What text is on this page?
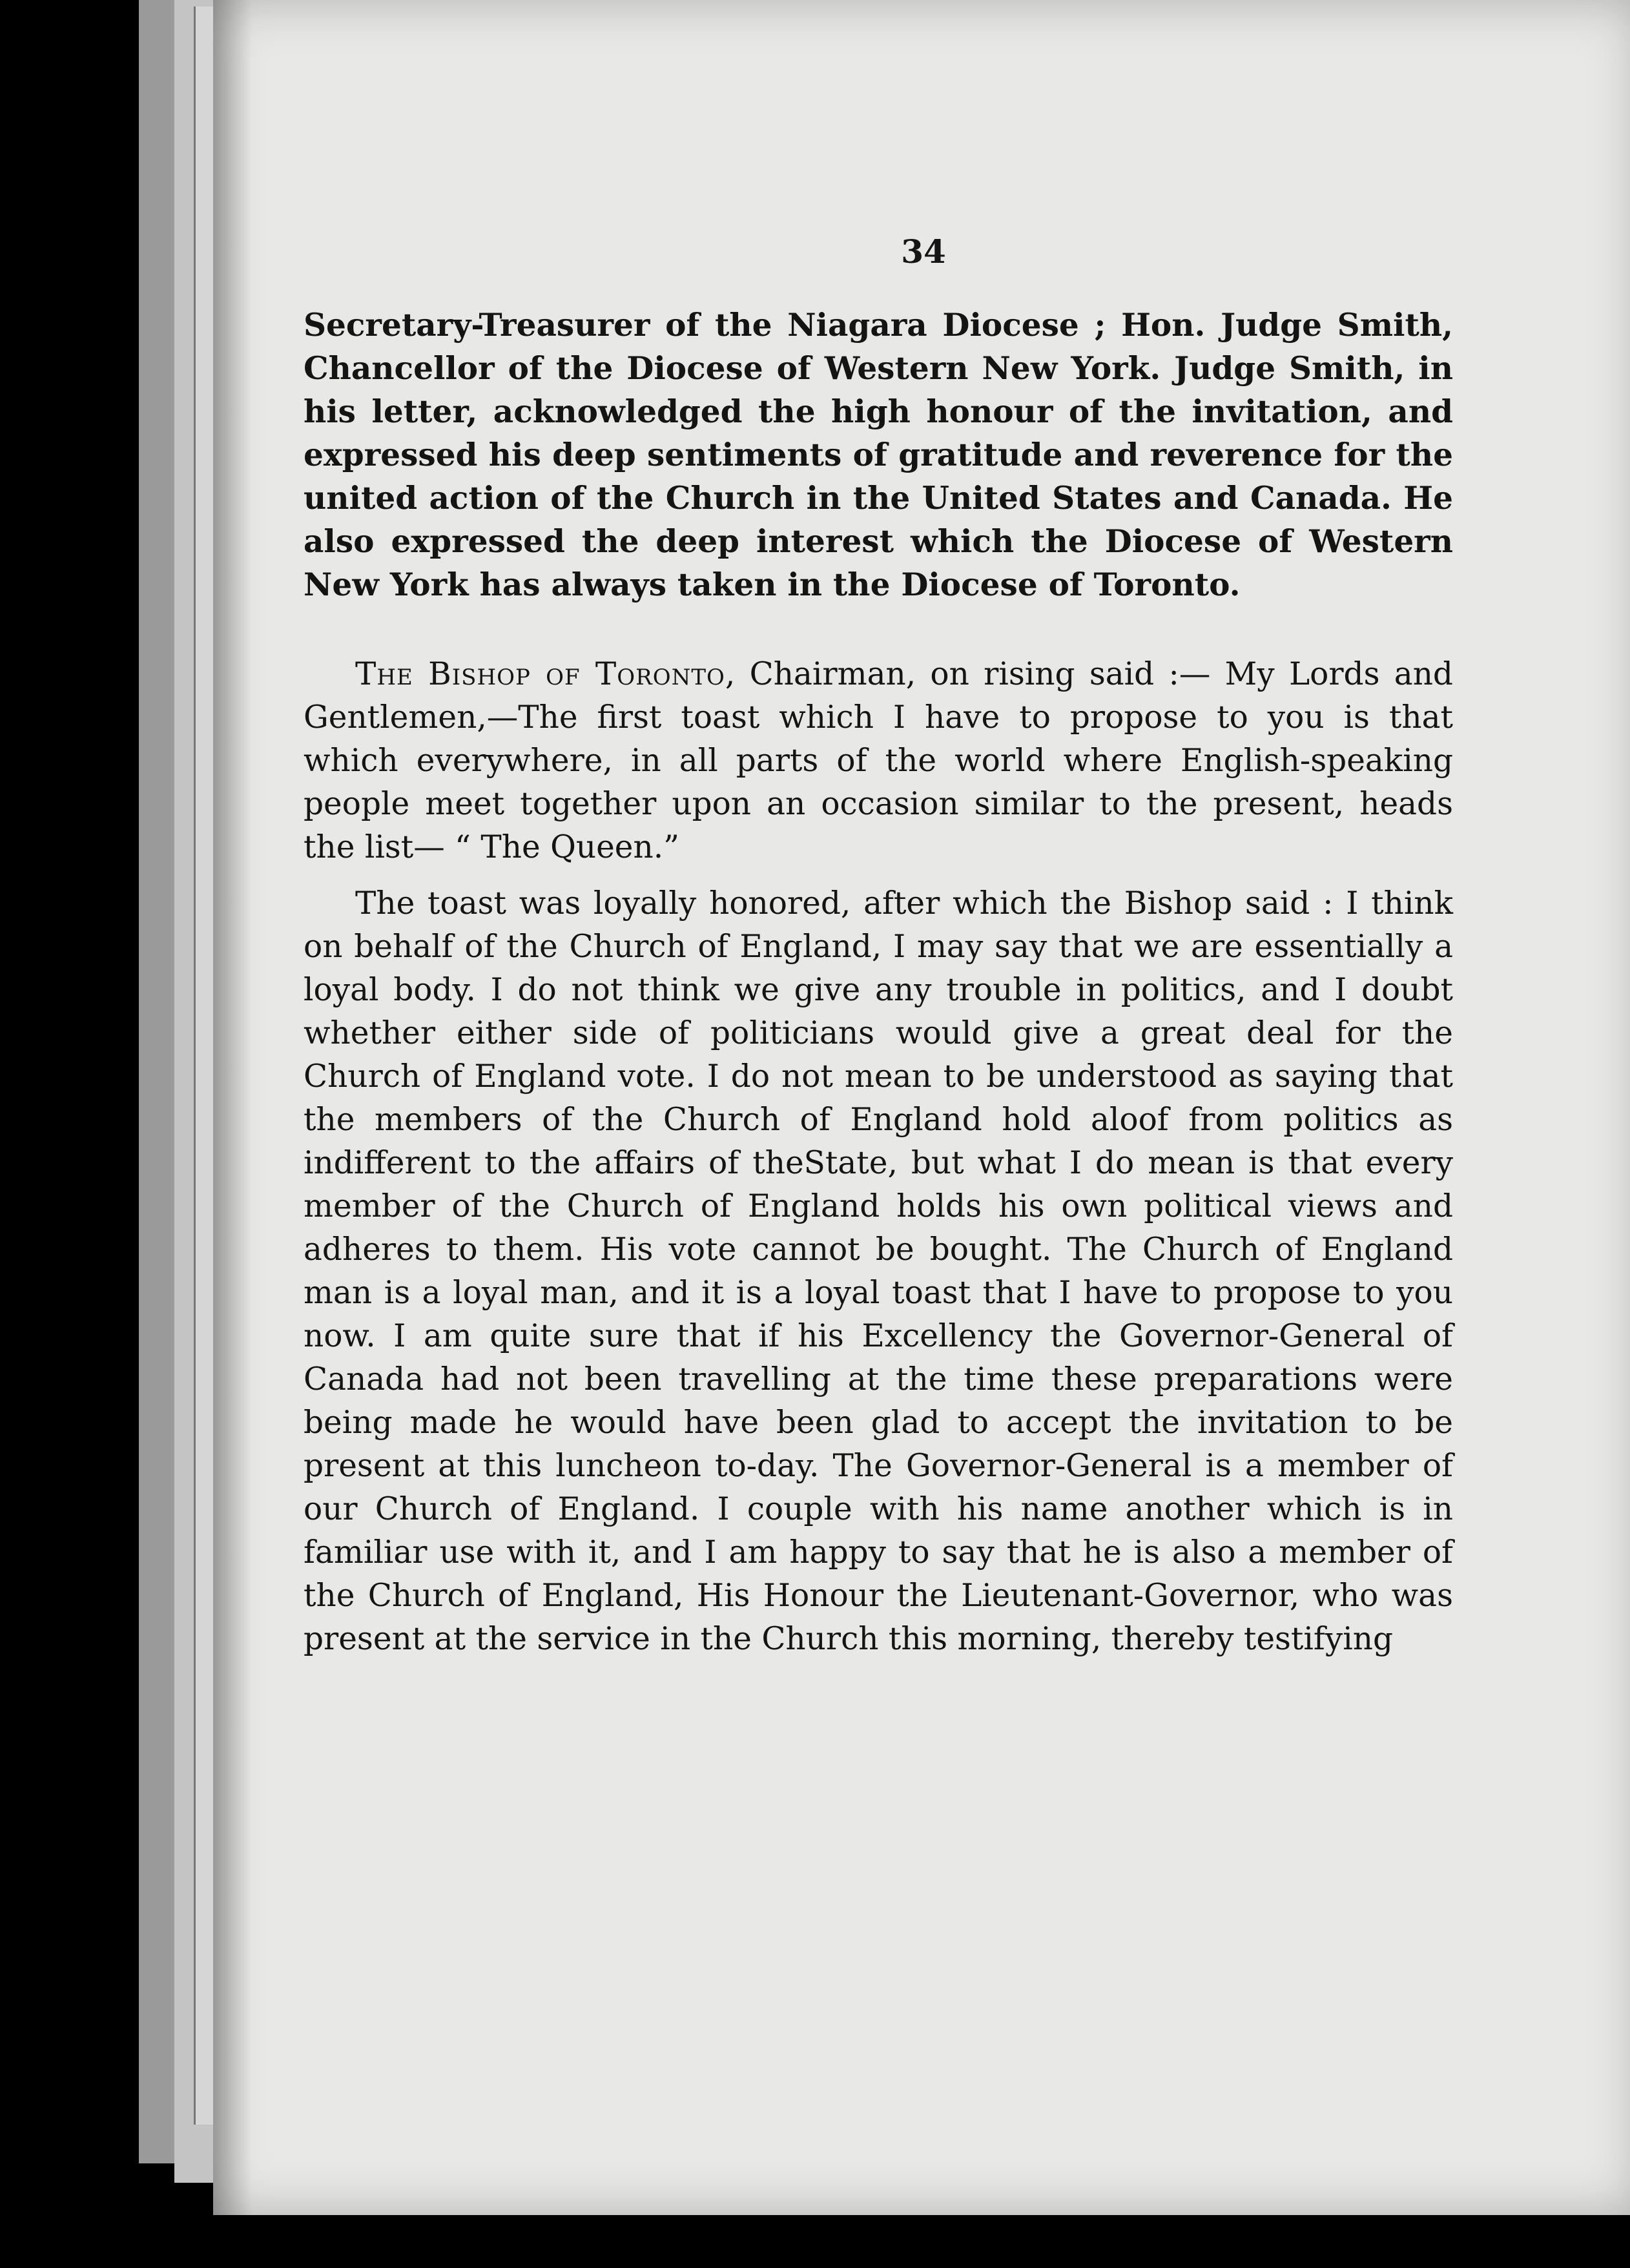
34

Secretary-Treasurer of the Niagara Diocese ; Hon. Judge Smith, Chancellor of the Diocese of Western New York. Judge Smith, in his letter, acknowledged the high honour of the invitation, and expressed his deep sentiments of gratitude and reverence for the united action of the Church in the United States and Canada. He also expressed the deep interest which the Diocese of Western New York has always taken in the Diocese of Toronto.

The Bishop of Toronto, Chairman, on rising said :— My Lords and Gentlemen,—The first toast which I have to propose to you is that which everywhere, in all parts of the world where English-speaking people meet together upon an occasion similar to the present, heads the list— “ The Queen.”

The toast was loyally honored, after which the Bishop said : I think on behalf of the Church of England, I may say that we are essentially a loyal body. I do not think we give any trouble in politics, and I doubt whether either side of politicians would give a great deal for the Church of England vote. I do not mean to be understood as saying that the members of the Church of England hold aloof from politics as indifferent to the affairs of theState, but what I do mean is that every member of the Church of England holds his own political views and adheres to them. His vote cannot be bought. The Church of England man is a loyal man, and it is a loyal toast that I have to propose to you now. I am quite sure that if his Excellency the Governor-General of Canada had not been travelling at the time these preparations were being made he would have been glad to accept the invitation to be present at this luncheon to-day. The Governor-General is a member of our Church of England. I couple with his name another which is in familiar use with it, and I am happy to say that he is also a member of the Church of England, His Honour the Lieutenant-Governor, who was present at the service in the Church this morning, thereby testifying
